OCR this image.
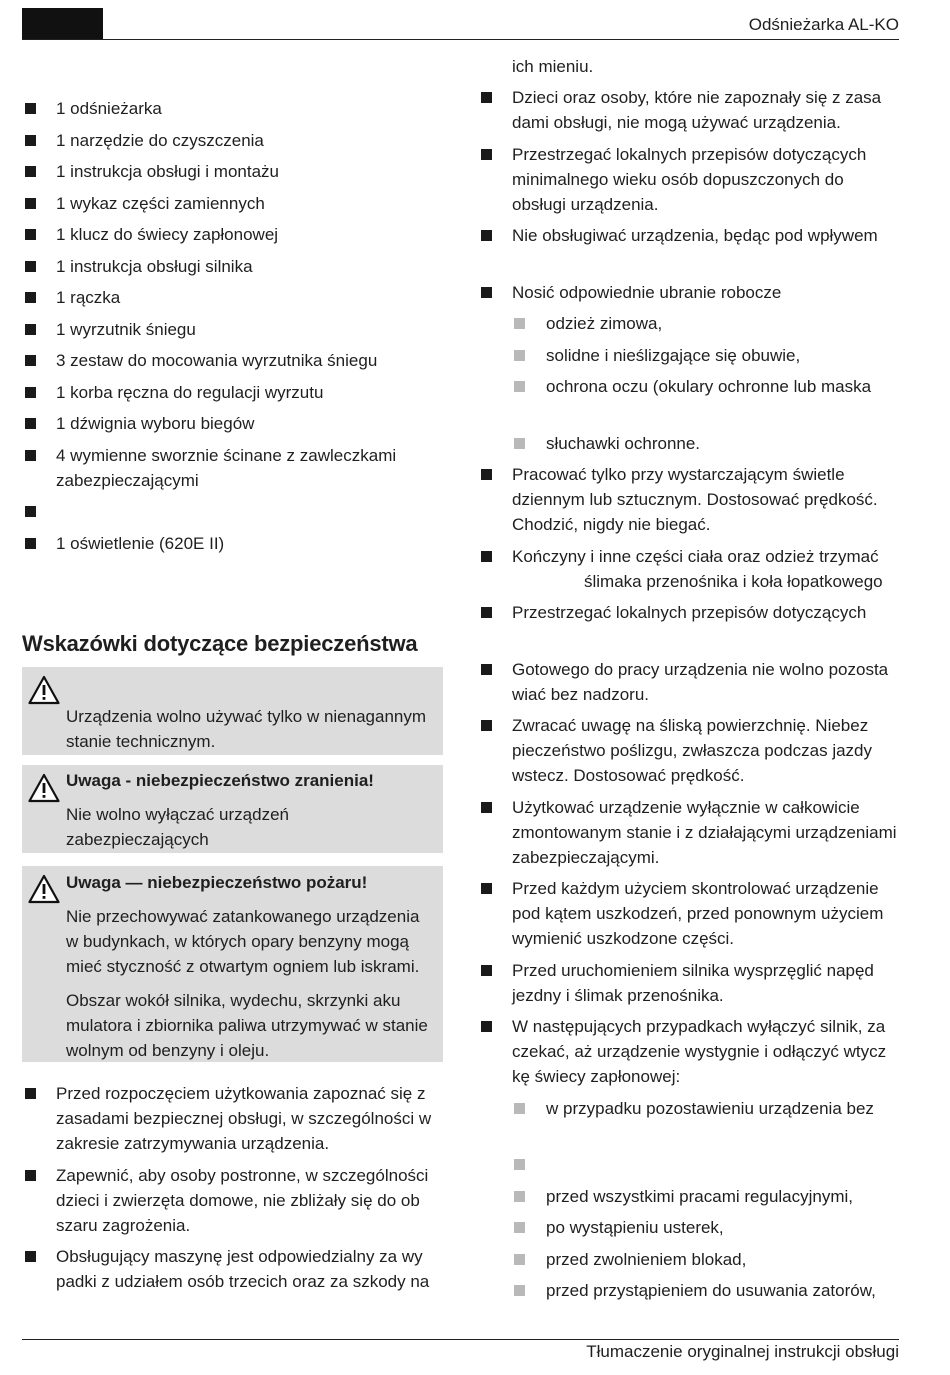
Odśnieżarka AL-KO
1 odśnieżarka
1 narzędzie do czyszczenia
1 instrukcja obsługi i montażu
1 wykaz części zamiennych
1 klucz do świecy zapłonowej
1 instrukcja obsługi silnika
1 rączka
1 wyrzutnik śniegu
3 zestaw do mocowania wyrzutnika śniegu
1 korba ręczna do regulacji wyrzutu
1 dźwignia wyboru biegów
4 wymienne sworznie ścinane z zawleczkami zabezpieczającymi
1 oświetlenie (620E II)
Wskazówki dotyczące bezpieczeństwa

Urządzenia wolno używać tylko w nienagannym stanie technicznym.

Uwaga - niebezpieczeństwo zranienia!

Nie wolno wyłączać urządzeń zabezpieczających

Uwaga — niebezpieczeństwo pożaru!

Nie przechowywać zatankowanego urządzenia w budynkach, w których opary benzyny mogą mieć styczność z otwartym ogniem lub iskrami.

Obszar wokół silnika, wydechu, skrzynki aku mulatora i zbiornika paliwa utrzymywać w stanie wolnym od benzyny i oleju.

Przed rozpoczęciem użytkowania zapoznać się z zasadami bezpiecznej obsługi, w szczególności w zakresie zatrzymywania urządzenia.
Zapewnić, aby osoby postronne, w szczególności dzieci i zwierzęta domowe, nie zbliżały się do ob szaru zagrożenia.
Obsługujący maszynę jest odpowiedzialny za wy padki z udziałem osób trzecich oraz za szkody na
ich mieniu.
Dzieci oraz osoby, które nie zapoznały się z zasa dami obsługi, nie mogą używać urządzenia.
Przestrzegać lokalnych przepisów dotyczących minimalnego wieku osób dopuszczonych do obsługi urządzenia.
Nie obsługiwać urządzenia, będąc pod wpływem
Nosić odpowiednie ubranie robocze
odzież zimowa,
solidne i nieślizgające się obuwie,
ochrona oczu (okulary ochronne lub maska
słuchawki ochronne.
Pracować tylko przy wystarczającym świetle dziennym lub sztucznym. Dostosować prędkość. Chodzić, nigdy nie biegać.
Kończyny i inne części ciała oraz odzież trzymać
ślimaka przenośnika i koła łopatkowego
Przestrzegać lokalnych przepisów dotyczących
Gotowego do pracy urządzenia nie wolno pozosta wiać bez nadzoru.
Zwracać uwagę na śliską powierzchnię. Niebez pieczeństwo poślizgu, zwłaszcza podczas jazdy wstecz. Dostosować prędkość.
Użytkować urządzenie wyłącznie w całkowicie zmontowanym stanie i z działającymi urządzeniami zabezpieczającymi.
Przed każdym użyciem skontrolować urządzenie pod kątem uszkodzeń, przed ponownym użyciem wymienić uszkodzone części.
Przed uruchomieniem silnika wysprzęglić napęd jezdny i ślimak przenośnika.
W następujących przypadkach wyłączyć silnik, za czekać, aż urządzenie wystygnie i odłączyć wtycz kę świecy zapłonowej:
w przypadku pozostawieniu urządzenia bez
przed wszystkimi pracami regulacyjnymi,
po wystąpieniu usterek,
przed zwolnieniem blokad,
przed przystąpieniem do usuwania zatorów,
Tłumaczenie oryginalnej instrukcji obsługi
